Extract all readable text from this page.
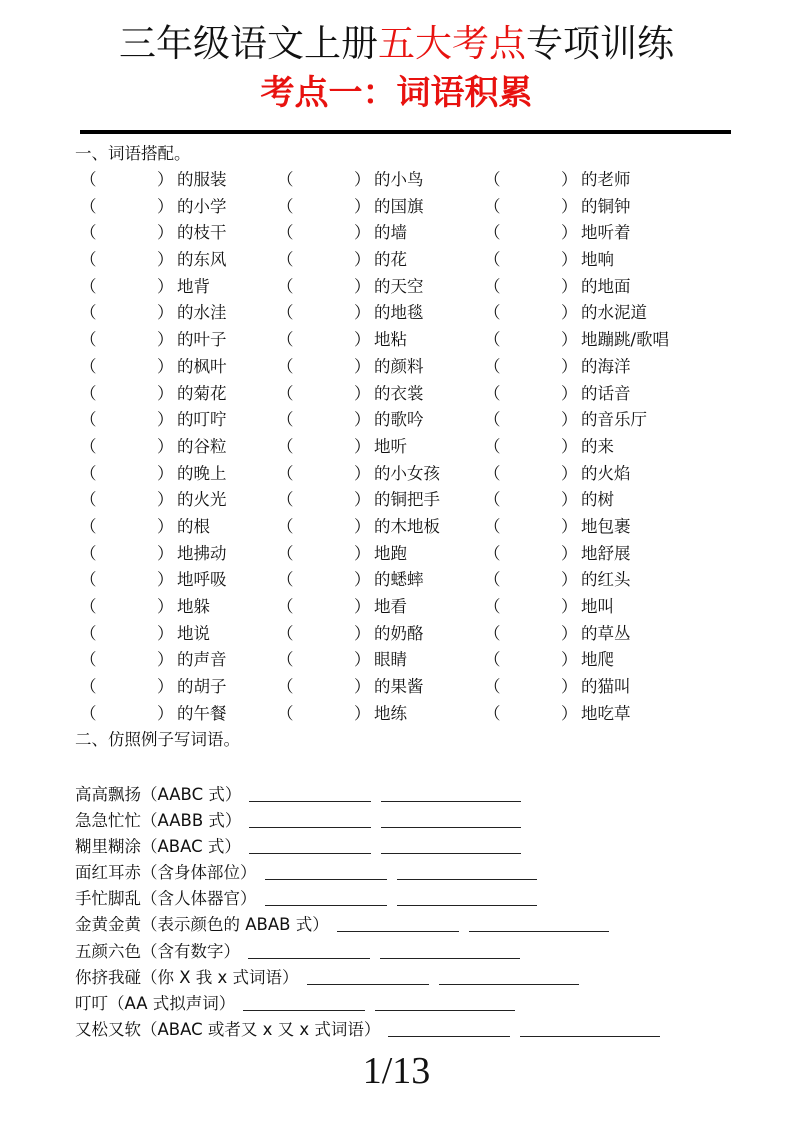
三年级语文上册五大考点专项训练
考点一：词语积累
一、词语搭配。
（	） 的服装	（	） 的小鸟	（	） 的老师
（	） 的小学	（	） 的国旗	（	） 的铜钟
（	） 的枝干	（	） 的墙	（	） 地听着
（	） 的东风	（	） 的花	（	） 地响
（	） 地背	（	） 的天空	（	） 的地面
（	） 的水洼	（	） 的地毯	（	） 的水泥道
（	） 的叶子	（	） 地粘	（	） 地蹦跳/歌唱
（	） 的枫叶	（	） 的颜料	（	） 的海洋
（	） 的菊花	（	） 的衣裳	（	） 的话音
（	） 的叮咛	（	） 的歌吟	（	） 的音乐厅
（	） 的谷粒	（	） 地听	（	） 的来
（	） 的晚上	（	） 的小女孩	（	） 的火焰
（	） 的火光	（	） 的铜把手	（	） 的树
（	） 的根	（	） 的木地板	（	） 地包裹
（	） 地拂动	（	） 地跑	（	） 地舒展
（	） 地呼吸	（	） 的蟋蟀	（	） 的红头
（	） 地躲	（	） 地看	（	） 地叫
（	） 地说	（	） 的奶酪	（	） 的草丛
（	） 的声音	（	） 眼睛	（	） 地爬
（	） 的胡子	（	） 的果酱	（	） 的猫叫
（	） 的午餐	（	） 地练	（	） 地吃草
二、仿照例子写词语。
高高飘扬 （AABC 式）
急急忙忙 （AABB 式）
糊里糊涂 （ABAC 式）
面红耳赤 （含身体部位）
手忙脚乱 （含人体器官）
金黄金黄 （表示颜色的 ABAB 式）
五颜六色 （含有数字）
你挤我碰 （你 X 我 x 式词语）
叮叮 （AA 式拟声词）
又松又软 （ABAC 或者又 x 又 x 式词语）
1/13
